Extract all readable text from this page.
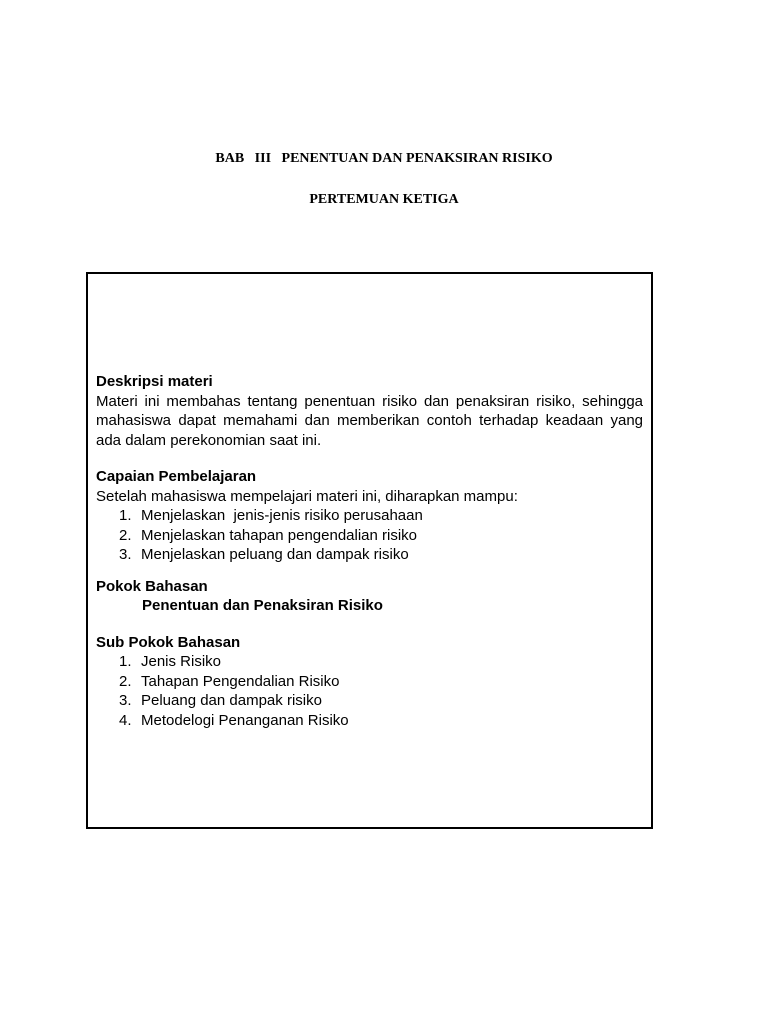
BAB   III   PENENTUAN DAN PENAKSIRAN RISIKO
PERTEMUAN KETIGA

Deskripsi materi

Materi ini membahas tentang penentuan risiko dan penaksiran risiko, sehingga mahasiswa dapat memahami dan memberikan contoh terhadap keadaan yang ada dalam perekonomian saat ini.

Capaian Pembelajaran

Setelah mahasiswa mempelajari materi ini, diharapkan mampu:

1. Menjelaskan  jenis-jenis risiko perusahaan
2. Menjelaskan tahapan pengendalian risiko
3. Menjelaskan peluang dan dampak risiko

Pokok Bahasan

Penentuan dan Penaksiran Risiko

Sub Pokok Bahasan

1. Jenis Risiko
2. Tahapan Pengendalian Risiko
3. Peluang dan dampak risiko
4. Metodelogi Penanganan Risiko
